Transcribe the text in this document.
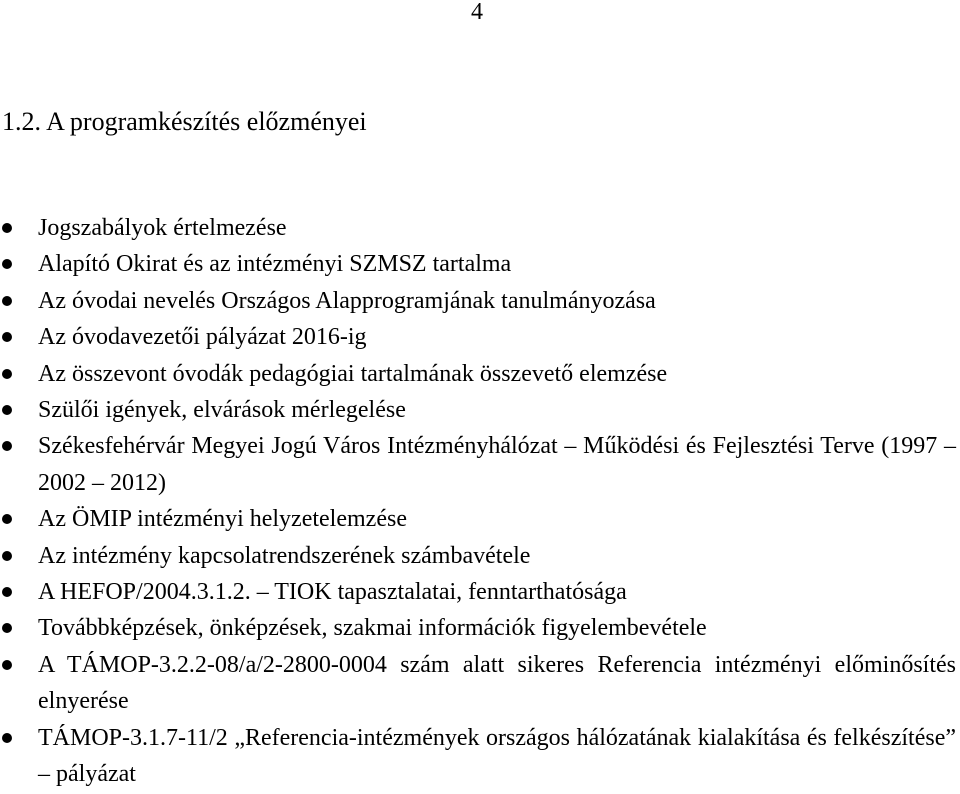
4
1.2. A programkészítés előzményei
Jogszabályok értelmezése
Alapító Okirat és az intézményi SZMSZ tartalma
Az óvodai nevelés Országos Alapprogramjának tanulmányozása
Az óvodavezetői pályázat 2016-ig
Az összevont óvodák pedagógiai tartalmának összevető elemzése
Szülői igények, elvárások mérlegelése
Székesfehérvár Megyei Jogú Város Intézményhálózat – Működési és Fejlesztési Terve (1997 – 2002 – 2012)
Az ÖMIP intézményi helyzetelemzése
Az intézmény kapcsolatrendszerének számbavétele
A HEFOP/2004.3.1.2. – TIOK tapasztalatai, fenntarthatósága
Továbbképzések, önképzések, szakmai információk figyelembevétele
A TÁMOP-3.2.2-08/a/2-2800-0004 szám alatt sikeres Referencia intézményi előminősítés elnyerése
TÁMOP-3.1.7-11/2 „Referencia-intézmények országos hálózatának kialakítása és felkészítése” – pályázat
